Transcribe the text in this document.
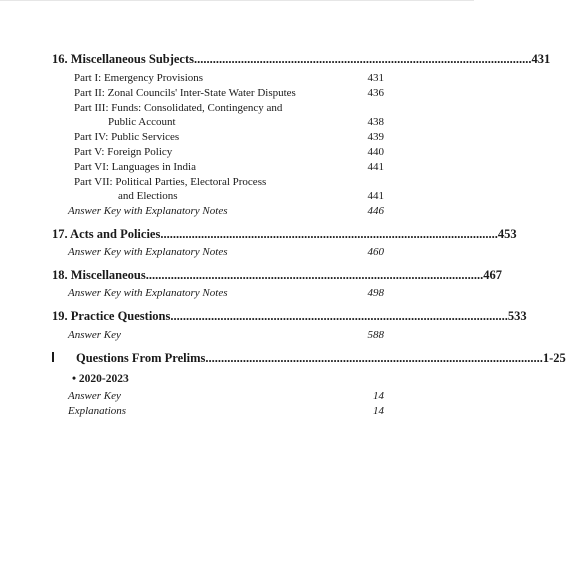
16. Miscellaneous Subjects ............................................................................................................ 431
Part I: Emergency Provisions	431
Part II: Zonal Councils' Inter-State Water Disputes	436
Part III: Funds: Consolidated, Contingency and
Public Account	438
Part IV: Public Services	439
Part V: Foreign Policy	440
Part VI: Languages in India	441
Part VII: Political Parties, Electoral Process
and Elections	441
Answer Key with Explanatory Notes	446
17. Acts and Policies ............................................................................................................ 453
Answer Key with Explanatory Notes	460
18. Miscellaneous ............................................................................................................ 467
Answer Key with Explanatory Notes	498
19. Practice Questions ............................................................................................................ 533
Answer Key	588
Questions From Prelims ............................................................................................................ 1-25
• 2020-2023
Answer Key	14
Explanations	14
